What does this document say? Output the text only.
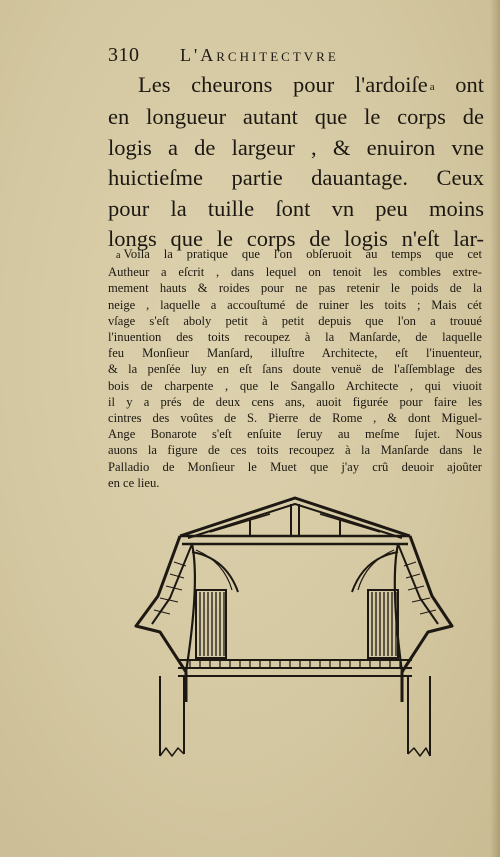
310 L'Architectvre
Les cheurons pour l'ardoiſe a ont
en longueur autant que le corps de
logis a de largeur , & enuiron vne
huictieſme partie dauantage. Ceux
pour la tuille ſont vn peu moins
longs que le corps de logis n'eſt lar-
a Voila la pratique que l'on obſeruoit au temps que cet
Autheur a eſcrit , dans lequel on tenoit les combles extre-
mement hauts & roides pour ne pas retenir le poids de la
neige , laquelle a accouſtumé de ruiner les toits ; Mais cét
vſage s'eſt aboly petit à petit depuis que l'on a trouué
l'inuention des toits recoupez à la Manſarde, de laquelle
feu Monſieur Manſard, illuſtre Architecte, eſt l'inuenteur,
& la penſée luy en eſt ſans doute venuë de l'aſſemblage des
bois de charpente , que le Sangallo Architecte , qui viuoit
il y a prés de deux cens ans, auoit figurée pour faire les
cintres des voûtes de S. Pierre de Rome , & dont Miguel-
Ange Bonarote s'eſt enſuite ſeruy au meſme ſujet. Nous
auons la figure de ces toits recoupez à la Manſarde dans le
Palladio de Monſieur le Muet que j'ay crû deuoir ajoûter
en ce lieu.
